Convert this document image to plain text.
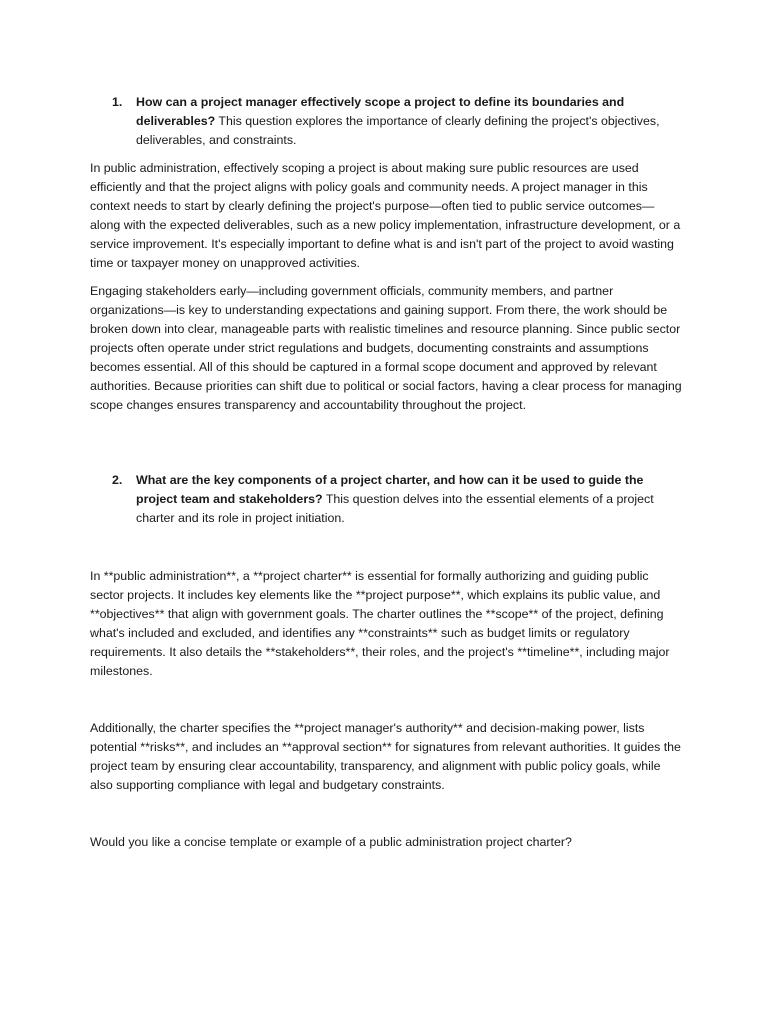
1. How can a project manager effectively scope a project to define its boundaries and deliverables? This question explores the importance of clearly defining the project's objectives, deliverables, and constraints.

In public administration, effectively scoping a project is about making sure public resources are used efficiently and that the project aligns with policy goals and community needs. A project manager in this context needs to start by clearly defining the project's purpose—often tied to public service outcomes—along with the expected deliverables, such as a new policy implementation, infrastructure development, or a service improvement. It's especially important to define what is and isn't part of the project to avoid wasting time or taxpayer money on unapproved activities.

Engaging stakeholders early—including government officials, community members, and partner organizations—is key to understanding expectations and gaining support. From there, the work should be broken down into clear, manageable parts with realistic timelines and resource planning. Since public sector projects often operate under strict regulations and budgets, documenting constraints and assumptions becomes essential. All of this should be captured in a formal scope document and approved by relevant authorities. Because priorities can shift due to political or social factors, having a clear process for managing scope changes ensures transparency and accountability throughout the project.

2. What are the key components of a project charter, and how can it be used to guide the project team and stakeholders? This question delves into the essential elements of a project charter and its role in project initiation.

In **public administration**, a **project charter** is essential for formally authorizing and guiding public sector projects. It includes key elements like the **project purpose**, which explains its public value, and **objectives** that align with government goals. The charter outlines the **scope** of the project, defining what's included and excluded, and identifies any **constraints** such as budget limits or regulatory requirements. It also details the **stakeholders**, their roles, and the project's **timeline**, including major milestones.

Additionally, the charter specifies the **project manager's authority** and decision-making power, lists potential **risks**, and includes an **approval section** for signatures from relevant authorities. It guides the project team by ensuring clear accountability, transparency, and alignment with public policy goals, while also supporting compliance with legal and budgetary constraints.

Would you like a concise template or example of a public administration project charter?
